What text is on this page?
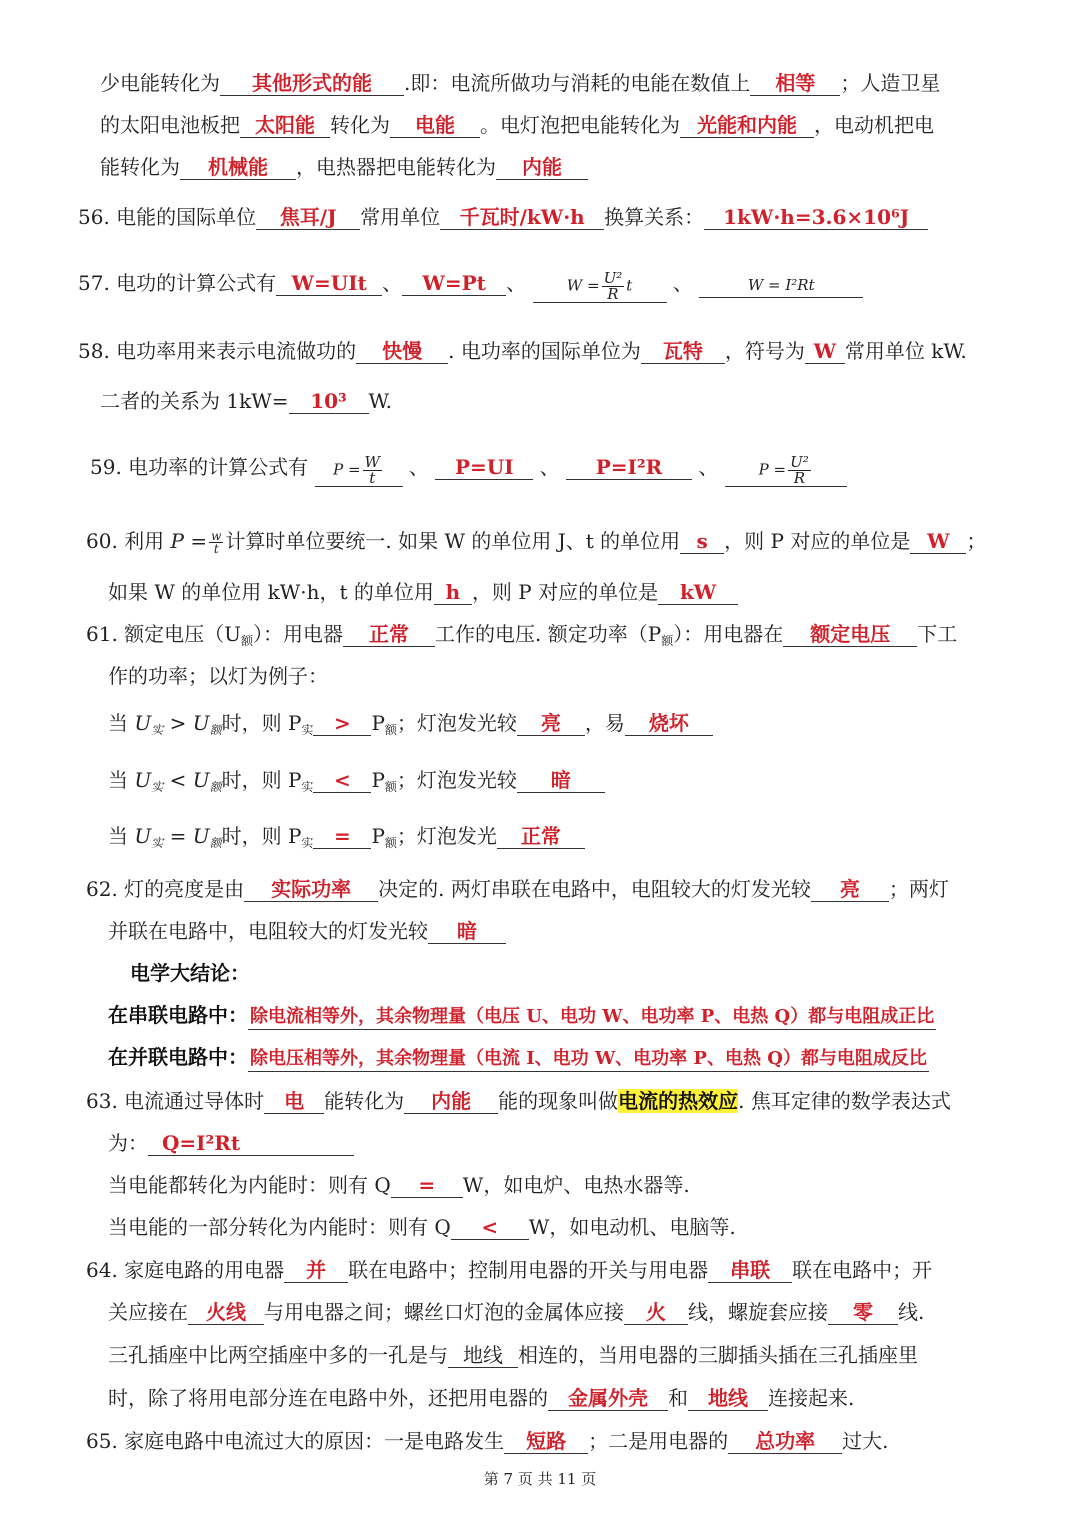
少电能转化为 其他形式的能 .即：电流所做功与消耗的电能在数值上 相等 ；人造卫星
的太阳电池板把 太阳能 转化为 电能 。电灯泡把电能转化为 光能和内能 ，电动机把电
能转化为 机械能 ，电热器把电能转化为 内能
56. 电能的国际单位 焦耳/J 常用单位 千瓦时/kW·h 换算关系： 1kW·h=3.6×10⁶J
57. 电功的计算公式有 W=UIt 、 W=Pt 、	$W = \frac{\text{U²}}{R}$ t 、	W = I²Rt
58. 电功率用来表示电流做功的 快慢 . 电功率的国际单位为 瓦特 ，符号为 W 常用单位 kW.
二者的关系为 1kW= 10³ W.
59. 电功率的计算公式有 $P = \frac{W}{t}$ 、 P=UI 、 P=I²R 、	$P = \frac{\text{U²}}{R}$
60. 利用 $P = \frac{w}{t}$ 计算时单位要统一. 如果 W 的单位用 J、t 的单位用 s ，则 P 对应的单位是 W ；
如果 W 的单位用 kW·h，t 的单位用 h ，则 P 对应的单位是 kW
61. 额定电压$(U_额)$：用电器 正常 工作的电压. 额定功率$(P_额)$：用电器在 额定电压 下工
作的功率；以灯为例子：
当 $U_实 > U_额$时，则 $P_实 > P_额$；灯泡发光较 亮 ，易 烧坏
当 $U_实 < U_额$时，则 $P_实 < P_额$；灯泡发光较 暗
当 $U_实 = U_额$时，则 $P_实 = P_额$；灯泡发光 正常
62. 灯的亮度是由 实际功率 决定的. 两灯串联在电路中，电阻较大的灯发光较 亮 ；两灯
并联在电路中，电阻较大的灯发光较 暗
电学大结论：
在串联电路中： 除电流相等外，其余物理量（电压 U、电功 W、电功率 P、电热 Q）都与电阻成正比
在并联电路中： 除电压相等外，其余物理量（电流 I、电功 W、电功率 P、电热 Q）都与电阻成反比
63. 电流通过导体时 电 能转化为 内能 能的现象叫做电流的热效应. 焦耳定律的数学表达式
为： Q=I²Rt
当电能都转化为内能时：则有 Q = W，如电炉、电热水器等.
当电能的一部分转化为内能时：则有 Q < W，如电动机、电脑等.
64. 家庭电路的用电器 并 联在电路中；控制用电器的开关与用电器 串联 联在电路中；开
关应接在 火线 与用电器之间；螺丝口灯泡的金属体应接 火 线，螺旋套应接 零 线.
三孔插座中比两空插座中多的一孔是与 地线 相连的，当用电器的三脚插头插在三孔插座里
时，除了将用电部分连在电路中外，还把用电器的 金属外壳 和 地线 连接起来.
65. 家庭电路中电流过大的原因：一是电路发生 短路 ；二是用电器的 总功率 过大.
第 7 页 共 11 页
